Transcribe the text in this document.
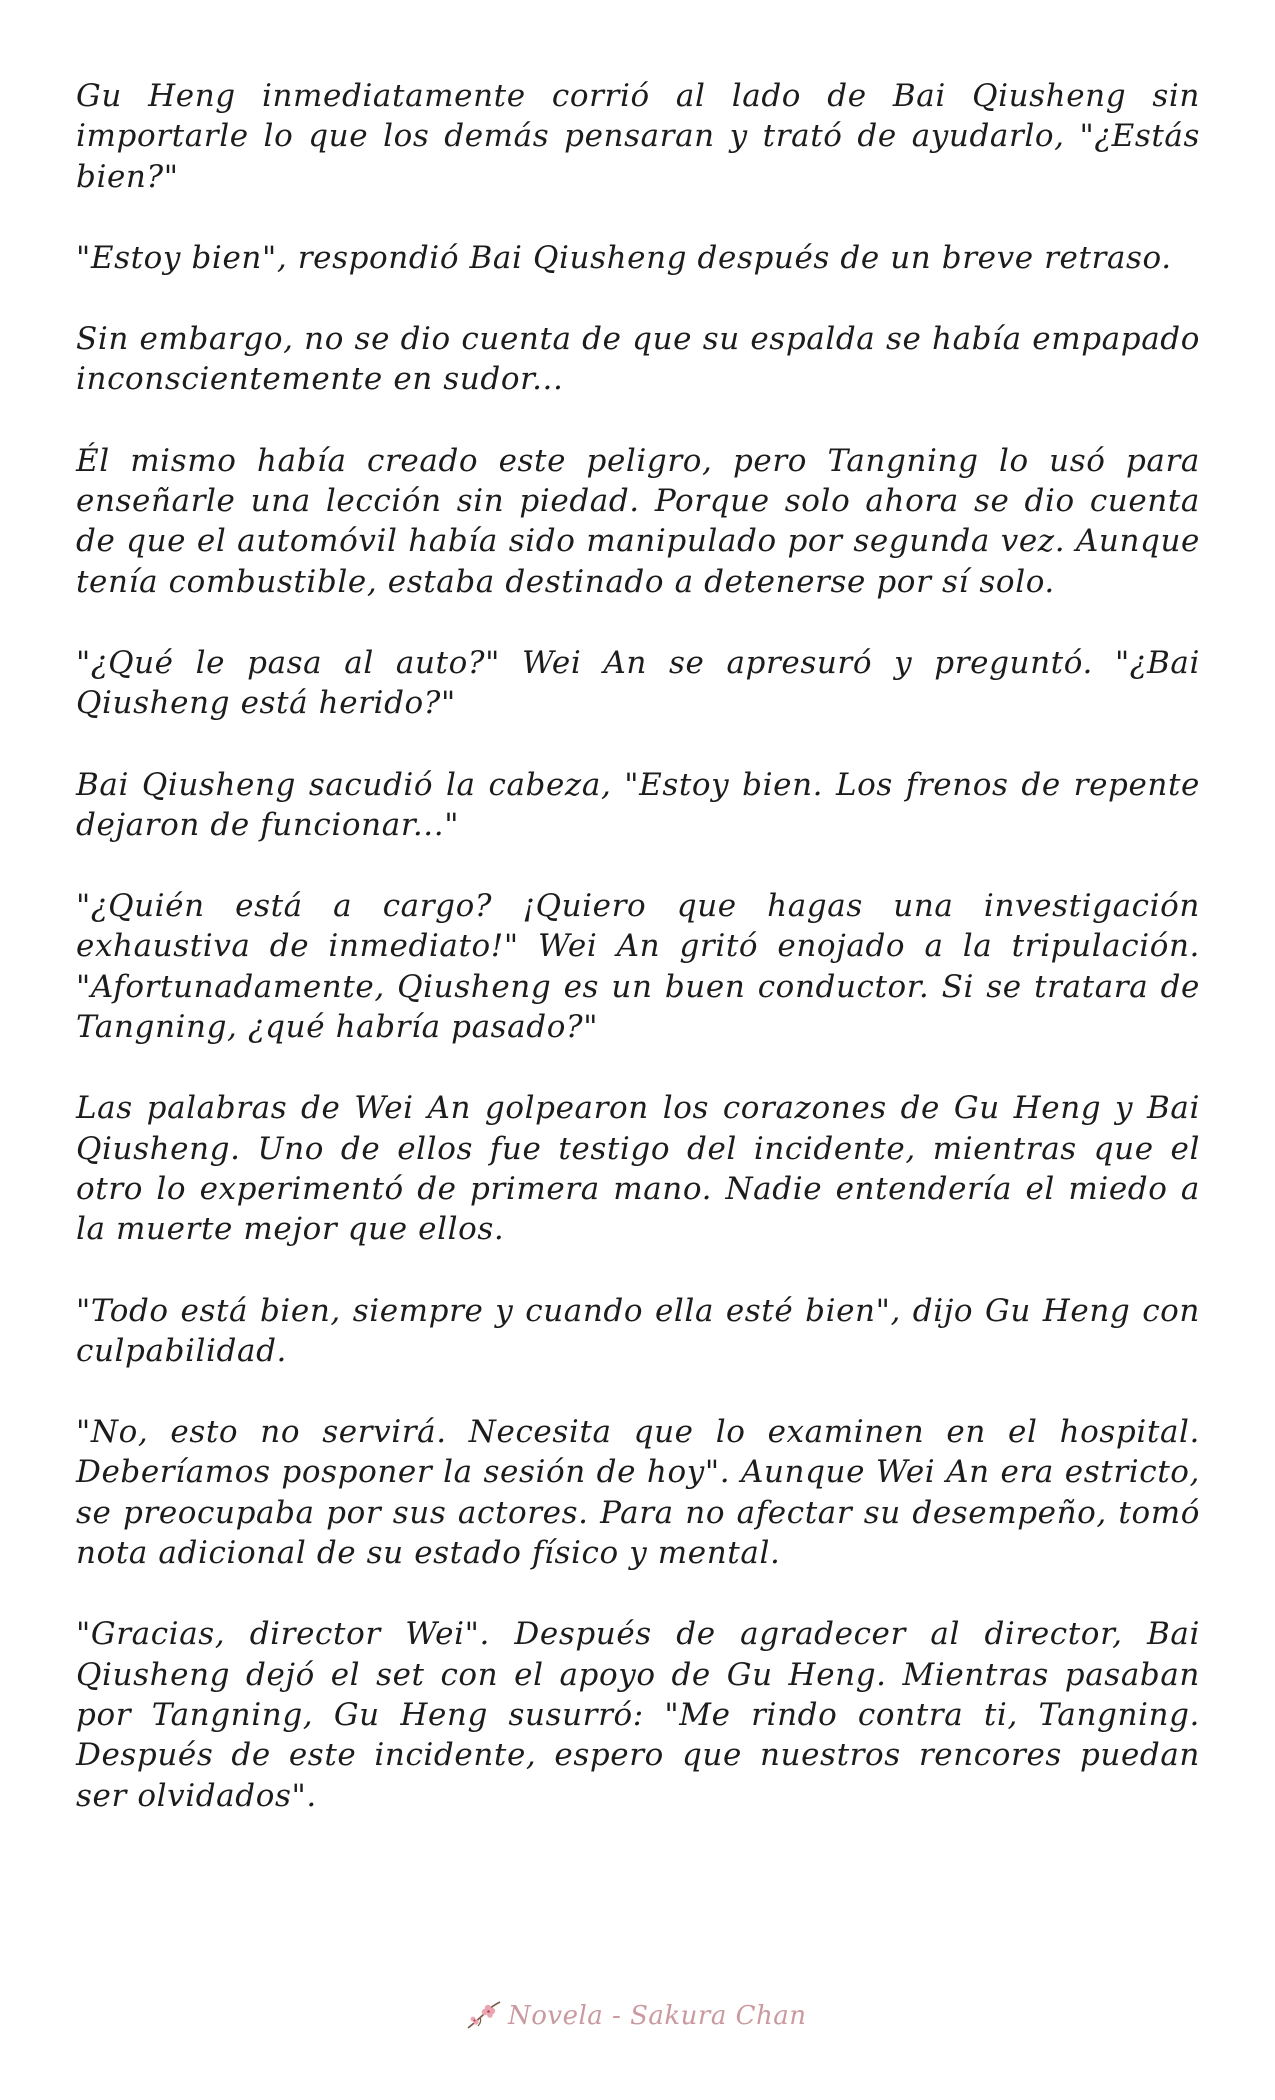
Gu Heng inmediatamente corrió al lado de Bai Qiusheng sin importarle lo que los demás pensaran y trató de ayudarlo, "¿Estás bien?"

"Estoy bien", respondió Bai Qiusheng después de un breve retraso.

Sin embargo, no se dio cuenta de que su espalda se había empapado inconscientemente en sudor...

Él mismo había creado este peligro, pero Tangning lo usó para enseñarle una lección sin piedad. Porque solo ahora se dio cuenta de que el automóvil había sido manipulado por segunda vez. Aunque tenía combustible, estaba destinado a detenerse por sí solo.

"¿Qué le pasa al auto?" Wei An se apresuró y preguntó. "¿Bai Qiusheng está herido?"

Bai Qiusheng sacudió la cabeza, "Estoy bien. Los frenos de repente dejaron de funcionar..."

"¿Quién está a cargo? ¡Quiero que hagas una investigación exhaustiva de inmediato!" Wei An gritó enojado a la tripulación. "Afortunadamente, Qiusheng es un buen conductor. Si se tratara de Tangning, ¿qué habría pasado?"

Las palabras de Wei An golpearon los corazones de Gu Heng y Bai Qiusheng. Uno de ellos fue testigo del incidente, mientras que el otro lo experimentó de primera mano. Nadie entendería el miedo a la muerte mejor que ellos.

"Todo está bien, siempre y cuando ella esté bien", dijo Gu Heng con culpabilidad.

"No, esto no servirá. Necesita que lo examinen en el hospital. Deberíamos posponer la sesión de hoy". Aunque Wei An era estricto, se preocupaba por sus actores. Para no afectar su desempeño, tomó nota adicional de su estado físico y mental.

"Gracias, director Wei". Después de agradecer al director, Bai Qiusheng dejó el set con el apoyo de Gu Heng. Mientras pasaban por Tangning, Gu Heng susurró: "Me rindo contra ti, Tangning. Después de este incidente, espero que nuestros rencores puedan ser olvidados".

Novela - Sakura Chan
